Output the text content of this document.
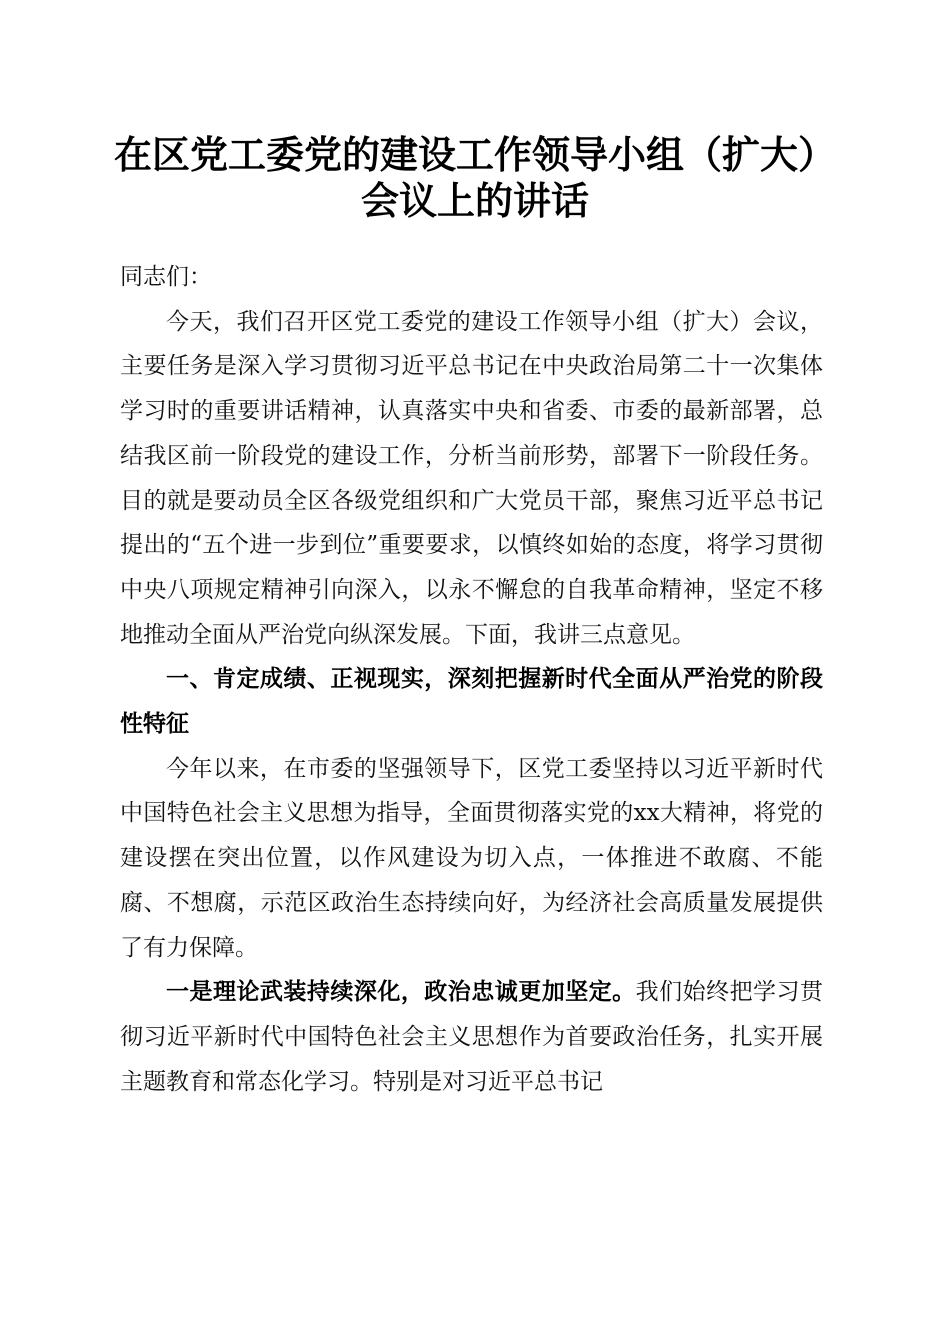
在区党工委党的建设工作领导小组（扩大）会议上的讲话

同志们：

今天，我们召开区党工委党的建设工作领导小组（扩大）会议，主要任务是深入学习贯彻习近平总书记在中央政治局第二十一次集体学习时的重要讲话精神，认真落实中央和省委、市委的最新部署，总结我区前一阶段党的建设工作，分析当前形势，部署下一阶段任务。目的就是要动员全区各级党组织和广大党员干部，聚焦习近平总书记提出的“五个进一步到位”重要要求，以慎终如始的态度，将学习贯彻中央八项规定精神引向深入，以永不懈怠的自我革命精神，坚定不移地推动全面从严治党向纵深发展。下面，我讲三点意见。

一、肯定成绩、正视现实，深刻把握新时代全面从严治党的阶段性特征

今年以来，在市委的坚强领导下，区党工委坚持以习近平新时代中国特色社会主义思想为指导，全面贯彻落实党的xx大精神，将党的建设摆在突出位置，以作风建设为切入点，一体推进不敢腐、不能腐、不想腐，示范区政治生态持续向好，为经济社会高质量发展提供了有力保障。

一是理论武装持续深化，政治忠诚更加坚定。我们始终把学习贯彻习近平新时代中国特色社会主义思想作为首要政治任务，扎实开展主题教育和常态化学习。特别是对习近平总书记
